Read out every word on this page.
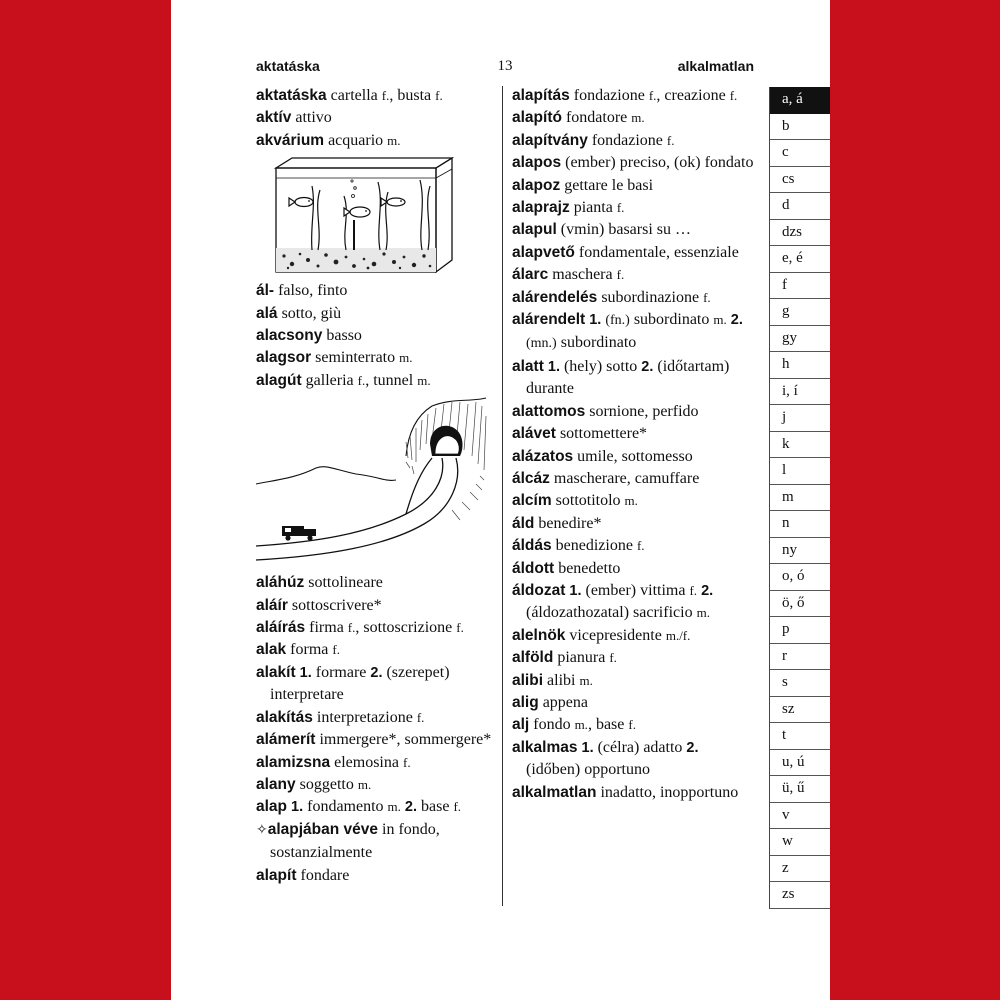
aktatáska	13	alkalmatlan
aktatáska cartella f., busta f.
aktív attivo
akvárium acquario m.
ál- falso, finto
alá sotto, giù
alacsony basso
alagsor seminterrato m.
alagút galleria f., tunnel m.
aláhúz sottolineare
aláír sottoscrivere*
aláírás firma f., sottoscrizione f.
alak forma f.
alakít 1. formare 2. (szerepet) interpretare
alakítás interpretazione f.
alámerít immergere*, sommergere*
alamizsna elemosina f.
alany soggetto m.
alap 1. fondamento m. 2. base f.
✧alapjában véve in fondo, sostanzialmente
alapít fondare
alapítás fondazione f., creazione f.
alapító fondatore m.
alapítvány fondazione f.
alapos (ember) preciso, (ok) fondato
alapoz gettare le basi
alaprajz pianta f.
alapul (vmin) basarsi su …
alapvető fondamentale, essenziale
álarc maschera f.
alárendelés subordinazione f.
alárendelt 1. (fn.) subordinato m. 2. (mn.) subordinato
alatt 1. (hely) sotto 2. (időtartam) durante
alattomos sornione, perfido
alávet sottomettere*
alázatos umile, sottomesso
álcáz mascherare, camuffare
alcím sottotitolo m.
áld benedire*
áldás benedizione f.
áldott benedetto
áldozat 1. (ember) vittima f. 2. (áldozathozatal) sacrificio m.
alelnök vicepresidente m./f.
alföld pianura f.
alibi alibi m.
alig appena
alj fondo m., base f.
alkalmas 1. (célra) adatto 2. (időben) opportuno
alkalmatlan inadatto, inopportuno
a, á
b
c
cs
d
dzs
e, é
f
g
gy
h
i, í
j
k
l
m
n
ny
o, ó
ö, ő
p
r
s
sz
t
u, ú
ü, ű
v
w
z
zs
